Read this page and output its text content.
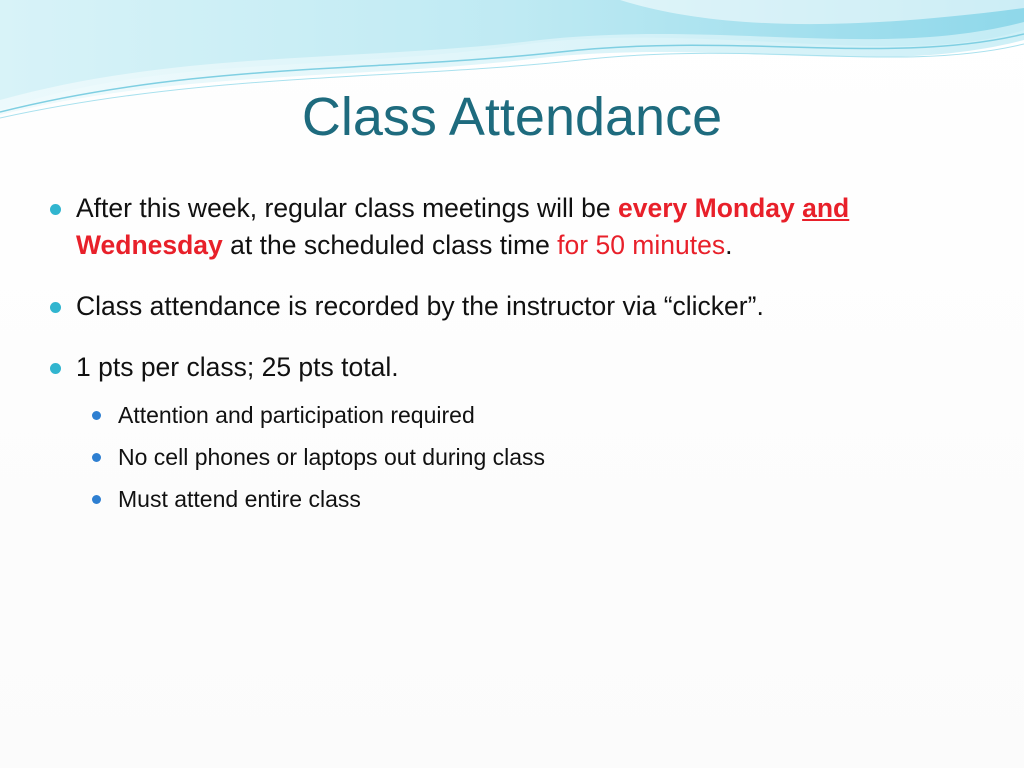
Class Attendance
After this week, regular class meetings will be every Monday and Wednesday at the scheduled class time for 50 minutes.
Class attendance is recorded by the instructor via “clicker”.
1 pts per class; 25 pts total.
Attention and participation required
No cell phones or laptops out during class
Must attend entire class
